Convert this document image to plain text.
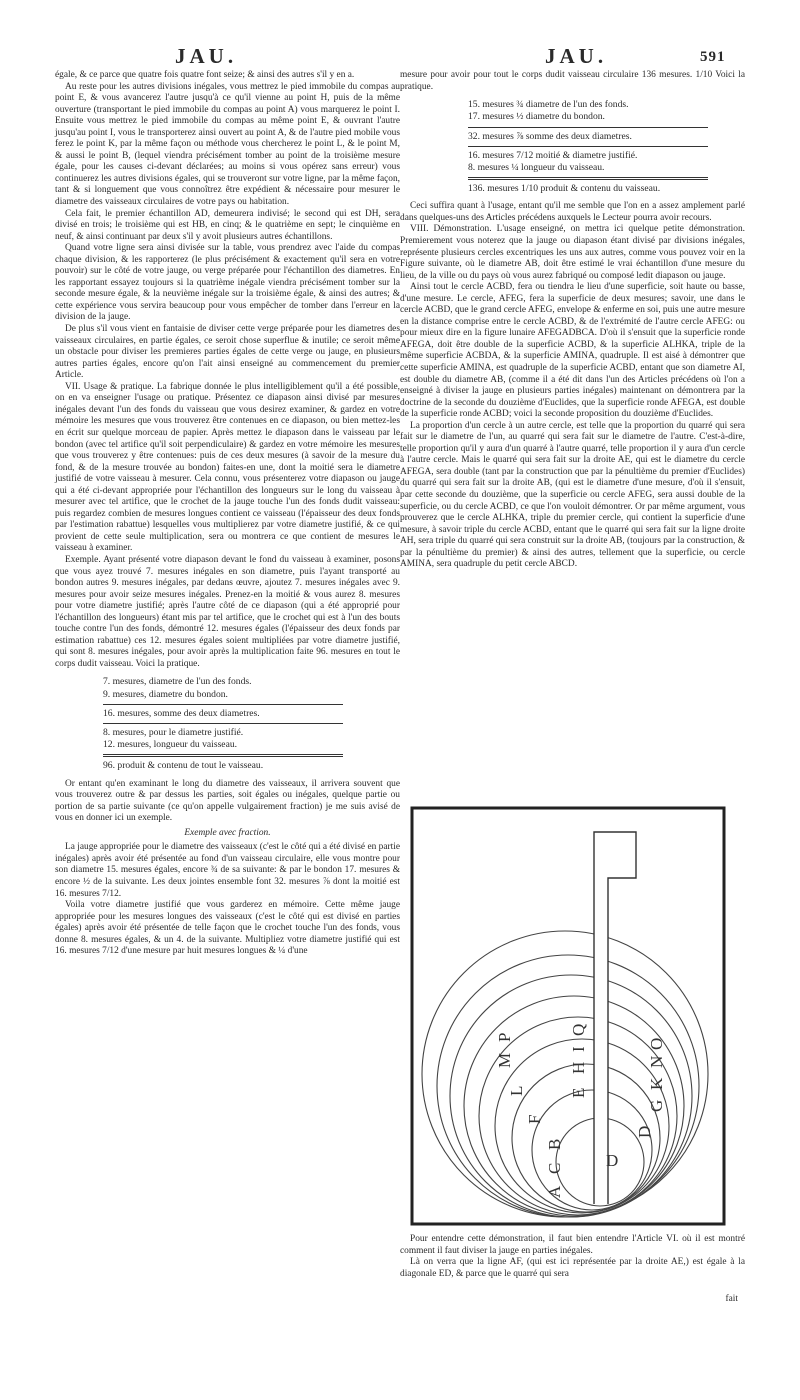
JAU.	JAU.	591

égale, & ce parce que quatre fois quatre font seize; & ainsi des autres s'il y en a.

Au reste pour les autres divisions inégales, vous mettrez le pied immobile du compas au point E, & vous avancerez l'autre jusqu'à ce qu'il vienne au point H, puis de la même ouverture (transportant le pied immobile du compas au point A) vous marquerez le point I. Ensuite vous mettrez le pied immobile du compas au même point E, & ouvrant l'autre jusqu'au point I, vous le transporterez ainsi ouvert au point A, & de l'autre pied mobile vous ferez le point K, par la même façon ou méthode vous chercherez le point L, & le point M, & aussi le point B, (lequel viendra précisément tomber au point de la troisième mesure égale, pour les causes ci-devant déclarées; au moins si vous opérez sans erreur) vous continuerez les autres divisions égales, qui se trouveront sur votre ligne, par la même façon, tant & si longuement que vous connoîtrez être expédient & nécessaire pour mesurer le diametre des vaisseaux circulaires de votre pays ou habitation.

Cela fait, le premier échantillon AD, demeurera indivisé; le second qui est DH, sera divisé en trois; le troisième qui est HB, en cinq; & le quatrième en sept; le cinquième en neuf, & ainsi continuant par deux s'il y avoit plusieurs autres échantillons.

Quand votre ligne sera ainsi divisée sur la table, vous prendrez avec l'aide du compas chaque division, & les rapporterez (le plus précisément & exactement qu'il sera en votre pouvoir) sur le côté de votre jauge, ou verge préparée pour l'échantillon des diametres. En les rapportant essayez toujours si la quatrième inégale viendra précisément tomber sur la seconde mesure égale, & la neuvième inégale sur la troisième égale, & ainsi des autres; & cette expérience vous servira beaucoup pour vous empêcher de tomber dans l'erreur en la division de la jauge.

De plus s'il vous vient en fantaisie de diviser cette verge préparée pour les diametres des vaisseaux circulaires, en partie égales, ce seroit chose superflue & inutile; ce seroit même un obstacle pour diviser les premieres parties égales de cette verge ou jauge, en plusieurs autres parties égales, encore qu'on l'ait ainsi enseigné au commencement du premier Article.

VII. Usage & pratique. La fabrique donnée le plus intelligiblement qu'il a été possible, on en va enseigner l'usage ou pratique. Présentez ce diapason ainsi divisé par mesures inégales devant l'un des fonds du vaisseau que vous desirez examiner, & gardez en votre mémoire les mesures que vous trouverez être contenues en ce diapason, ou bien mettez-les en écrit sur quelque morceau de papier. Après mettez le diapason dans le vaisseau par le bondon (avec tel artifice qu'il soit perpendiculaire) & gardez en votre mémoire les mesures que vous trouverez y être contenues: puis de ces deux mesures (à savoir de la mesure du fond, & de la mesure trouvée au bondon) faites-en une, dont la moitié sera le diametre justifié de votre vaisseau à mesurer. Cela connu, vous présenterez votre diapason ou jauge qui a été ci-devant appropriée pour l'échantillon des longueurs sur le long du vaisseau à mesurer avec tel artifice, que le crochet de la jauge touche l'un des fonds dudit vaisseau: puis regardez combien de mesures longues contient ce vaisseau (l'épaisseur des deux fonds par l'estimation rabattue) lesquelles vous multiplierez par votre diametre justifié, & ce qui provient de cette seule multiplication, sera ou montrera ce que contient de mesures le vaisseau à examiner.

Exemple. Ayant présenté votre diapason devant le fond du vaisseau à examiner, posons que vous ayez trouvé 7. mesures inégales en son diametre, puis l'ayant transporté au bondon autres 9. mesures inégales, par dedans œuvre, ajoutez 7. mesures inégales avec 9. mesures pour avoir seize mesures inégales. Prenez-en la moitié & vous aurez 8. mesures pour votre diametre justifié; après l'autre côté de ce diapason (qui a été approprié pour l'échantillon des longueurs) étant mis par tel artifice, que le crochet qui est à l'un des bouts touche contre l'un des fonds, démontré 12. mesures égales (l'épaisseur des deux fonds par estimation rabattue) ces 12. mesures égales soient multipliées par votre diametre justifié, qui sont 8. mesures inégales, pour avoir après la multiplication faite 96. mesures en tout le corps dudit vaisseau. Voici la pratique.

7. mesures, diametre de l'un des fonds.
9. mesures, diametre du bondon.
16. mesures, somme des deux diametres.
8. mesures, pour le diametre justifié.
12. mesures, longueur du vaisseau.
96. produit & contenu de tout le vaisseau.

Or entant qu'en examinant le long du diametre des vaisseaux, il arrivera souvent que vous trouverez outre & par dessus les parties, soit égales ou inégales, quelque partie ou portion de sa partie suivante (ce qu'on appelle vulgairement fraction) je me suis avisé de vous en donner ici un exemple.

Exemple avec fraction.

La jauge appropriée pour le diametre des vaisseaux (c'est le côté qui a été divisé en partie inégales) après avoir été présentée au fond d'un vaisseau circulaire, elle vous montre pour son diametre 15. mesures égales, encore ¾ de sa suivante: & par le bondon 17. mesures & encore ½ de la suivante. Les deux jointes ensemble font 32. mesures ⅞ dont la moitié est 16. mesures 7/12.

Voila votre diametre justifié que vous garderez en mémoire. Cette même jauge appropriée pour les mesures longues des vaisseaux (c'est le côté qui est divisé en parties égales) après avoir été présentée de telle façon que le crochet touche l'un des fonds, vous donne 8. mesures égales, & un 4. de la suivante. Multipliez votre diametre justifié qui est 16. mesures 7/12 d'une mesure par huit mesures longues & ¼ d'une

mesure pour avoir pour tout le corps dudit vaisseau circulaire 136 mesures. 1/10 Voici la pratique.

15. mesures ¾ diametre de l'un des fonds.
17. mesures ½ diametre du bondon.
32. mesures ⅞ somme des deux diametres.
16. mesures 7/12 moitié & diametre justifié.
8. mesures ¼ longueur du vaisseau.
136. mesures 1/10 produit & contenu du vaisseau.

Ceci suffira quant à l'usage, entant qu'il me semble que l'on en a assez amplement parlé dans quelques-uns des Articles précédens auxquels le Lecteur pourra avoir recours.

VIII. Démonstration. L'usage enseigné, on mettra ici quelque petite démonstration. Premierement vous noterez que la jauge ou diapason étant divisé par divisions inégales, représente plusieurs cercles excentriques les uns aux autres, comme vous pouvez voir en la Figure suivante, où le diametre AB, doit être estimé le vrai échantillon d'une mesure du lieu, de la ville ou du pays où vous aurez fabriqué ou composé ledit diapason ou jauge.

Ainsi tout le cercle ACBD, fera ou tiendra le lieu d'une superficie, soit haute ou basse, d'une mesure. Le cercle, AFEG, fera la superficie de deux mesures; savoir, une dans le cercle ACBD, que le grand cercle AFEG, envelope & enferme en soi, puis une autre mesure en la distance comprise entre le cercle ACBD, & de l'extrémité de l'autre cercle AFEG: ou pour mieux dire en la figure lunaire AFEGADBCA. D'où il s'ensuit que la superficie ronde AFEGA, doit être double de la superficie ACBD, & la superficie ALHKA, triple de la même superficie ACBDA, & la superficie AMINA, quadruple. Il est aisé à démontrer que cette superficie AMINA, est quadruple de la superficie ACBD, entant que son diametre AI, est double du diametre AB, (comme il a été dit dans l'un des Articles précédens où l'on a enseigné à diviser la jauge en plusieurs parties inégales) maintenant on démontrera par la doctrine de la seconde du douzième d'Euclides, que la superficie ronde AFEGA, est double de la superficie ronde ACBD; voici la seconde proposition du douzième d'Euclides.

La proportion d'un cercle à un autre cercle, est telle que la proportion du quarré qui sera fait sur le diametre de l'un, au quarré qui sera fait sur le diametre de l'autre. C'est-à-dire, telle proportion qu'il y aura d'un quarré à l'autre quarré, telle proportion il y aura d'un cercle à l'autre cercle. Mais le quarré qui sera fait sur la droite AE, qui est le diametre du cercle AFEGA, sera double (tant par la construction que par la pénultième du premier d'Euclides) du quarré qui sera fait sur la droite AB, (qui est le diametre d'une mesure, d'où il s'ensuit, par cette seconde du douzième, que la superficie ou cercle AFEG, sera aussi double de la superficie, ou du cercle ACBD, ce que l'on vouloit démontrer. Or par même argument, vous prouverez que le cercle ALHKA, triple du premier cercle, qui contient la superficie d'une mesure, à savoir triple du cercle ACBD, entant que le quarré qui sera fait sur la ligne droite AH, sera triple du quarré qui sera construit sur la droite AB, (toujours par la construction, & par la pénultième du premier) & ainsi des autres, tellement que la superficie, ou cercle AMINA, sera quadruple du petit cercle ABCD.

A
C
B
F
L
M
P
D
E
H
I
Q
D
G
K
N
O

Pour entendre cette démonstration, il faut bien entendre l'Article VI. où il est montré comment il faut diviser la jauge en parties inégales.

Là on verra que la ligne AF, (qui est ici représentée par la droite AE,) est égale à la diagonale ED, & parce que le quarré qui sera

fait
